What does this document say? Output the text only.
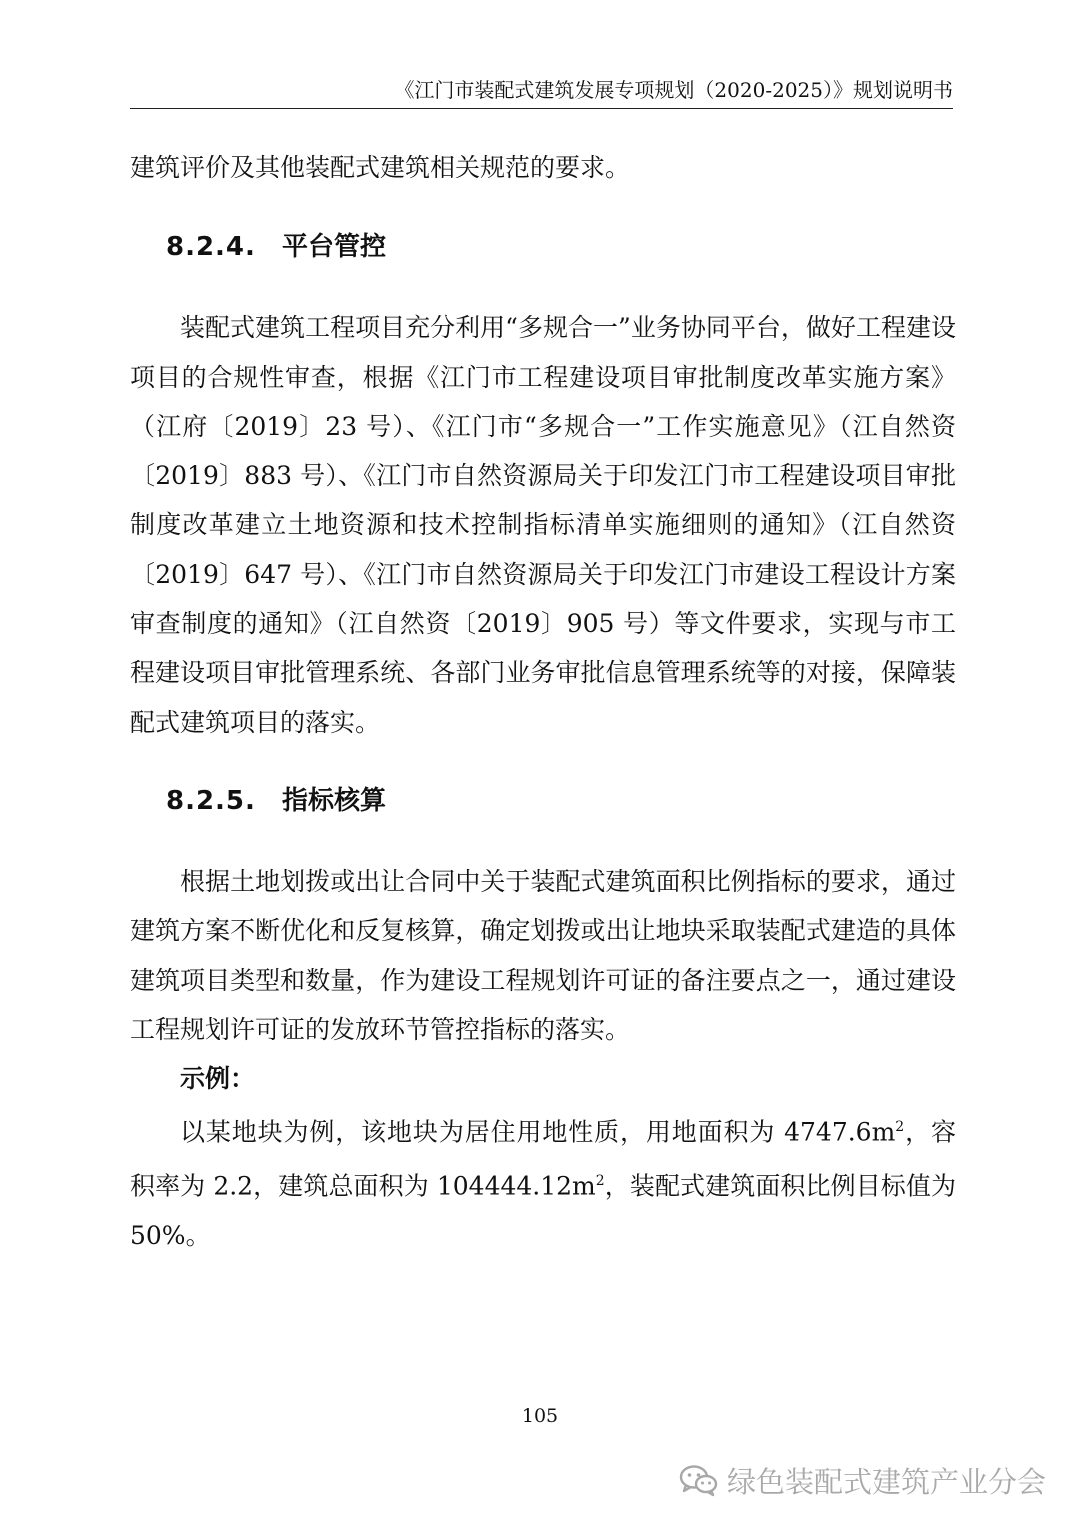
《江门市装配式建筑发展专项规划（2020-2025）》规划说明书

建筑评价及其他装配式建筑相关规范的要求。

8.2.4. 平台管控

装配式建筑工程项目充分利用“多规合一”业务协同平台，做好工程建设项目的合规性审查，根据《江门市工程建设项目审批制度改革实施方案》（江府〔2019〕23 号）、《江门市“多规合一”工作实施意见》（江自然资〔2019〕883 号）、《江门市自然资源局关于印发江门市工程建设项目审批制度改革建立土地资源和技术控制指标清单实施细则的通知》（江自然资〔2019〕647 号）、《江门市自然资源局关于印发江门市建设工程设计方案审查制度的通知》（江自然资〔2019〕905 号）等文件要求，实现与市工程建设项目审批管理系统、各部门业务审批信息管理系统等的对接，保障装配式建筑项目的落实。

8.2.5. 指标核算

根据土地划拨或出让合同中关于装配式建筑面积比例指标的要求，通过建筑方案不断优化和反复核算，确定划拨或出让地块采取装配式建造的具体建筑项目类型和数量，作为建设工程规划许可证的备注要点之一，通过建设工程规划许可证的发放环节管控指标的落实。

示例：

以某地块为例，该地块为居住用地性质，用地面积为 $4747.6m^2$，容积率为 2.2，建筑总面积为 $104444.12m^2$，装配式建筑面积比例目标值为 50%。

105
绿色装配式建筑产业分会
